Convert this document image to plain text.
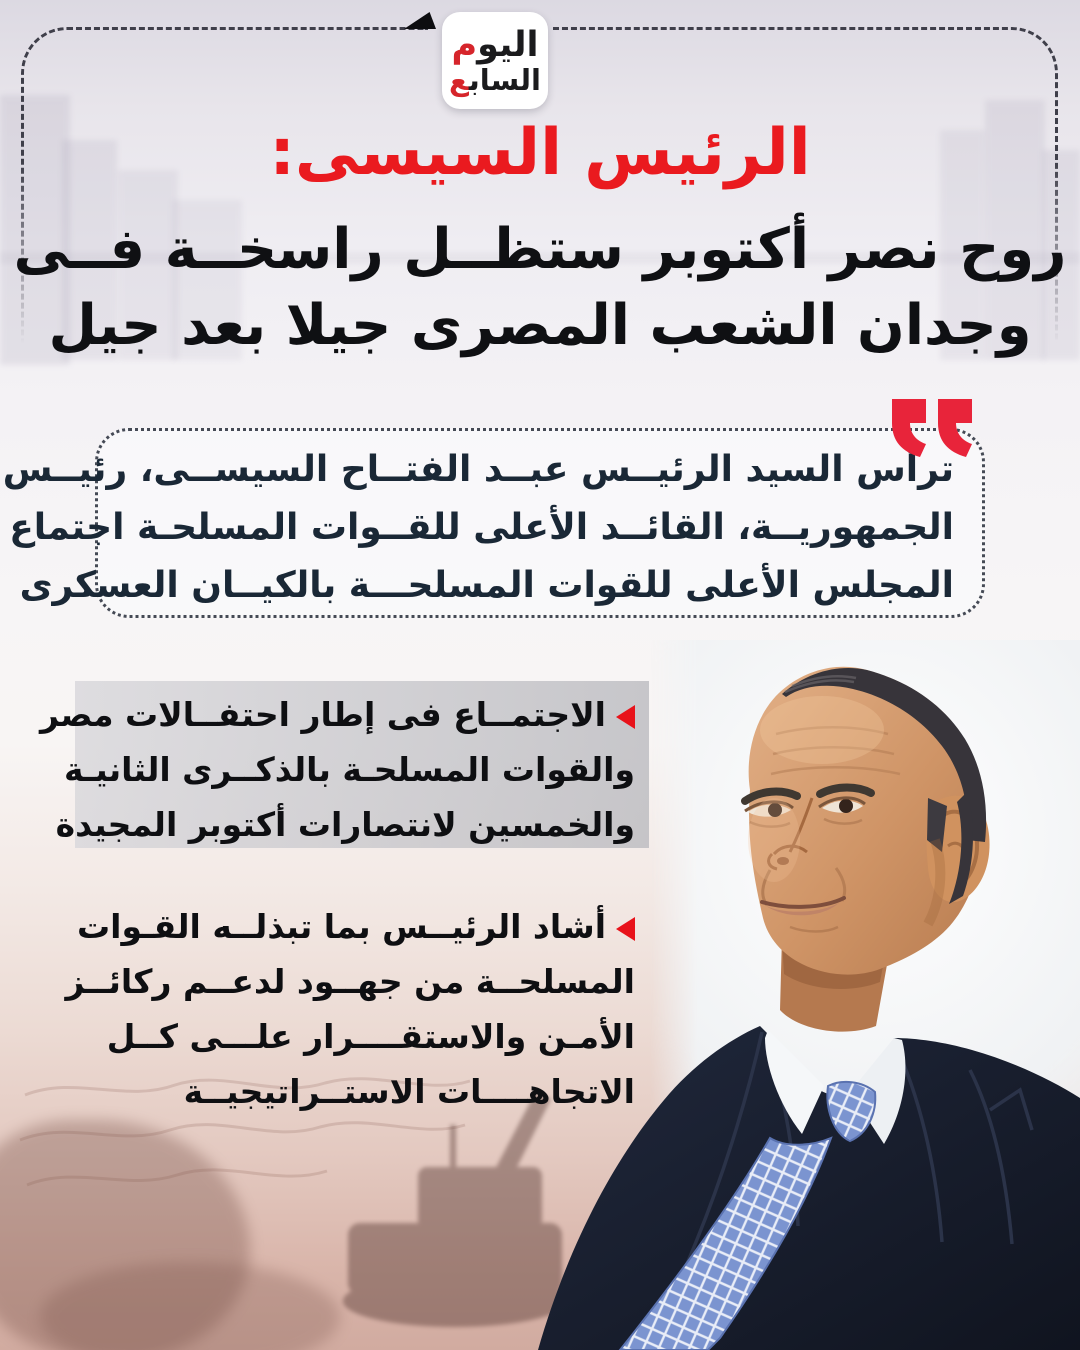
اليوم
الساب‍‍ع
الرئيس السيسى:
روح نصر أكتوبر ستظــل راسخــة فــى
وجدان الشعب المصرى جيلا بعد جيل
ترأس السيد الرئيــس عبــد الفتــاح السيســى، رئيــس
الجمهوريــة، القائــد الأعلى للقــوات المسلحـة اجتماع
المجلس الأعلى للقوات المسلحـــة بالكيــان العسكرى
الاجتمــاع فى إطار احتفــالات مصر
والقوات المسلحـة بالذكــرى الثانيـة
والخمسين لانتصارات أكتوبر المجيدة
أشاد الرئيــس بما تبذلــه القـوات
المسلحــة من جهــود لدعــم ركائــز
الأمـن والاستقــــرار علـــى كــل
الاتجاهــــات الاستــراتيجيــة
